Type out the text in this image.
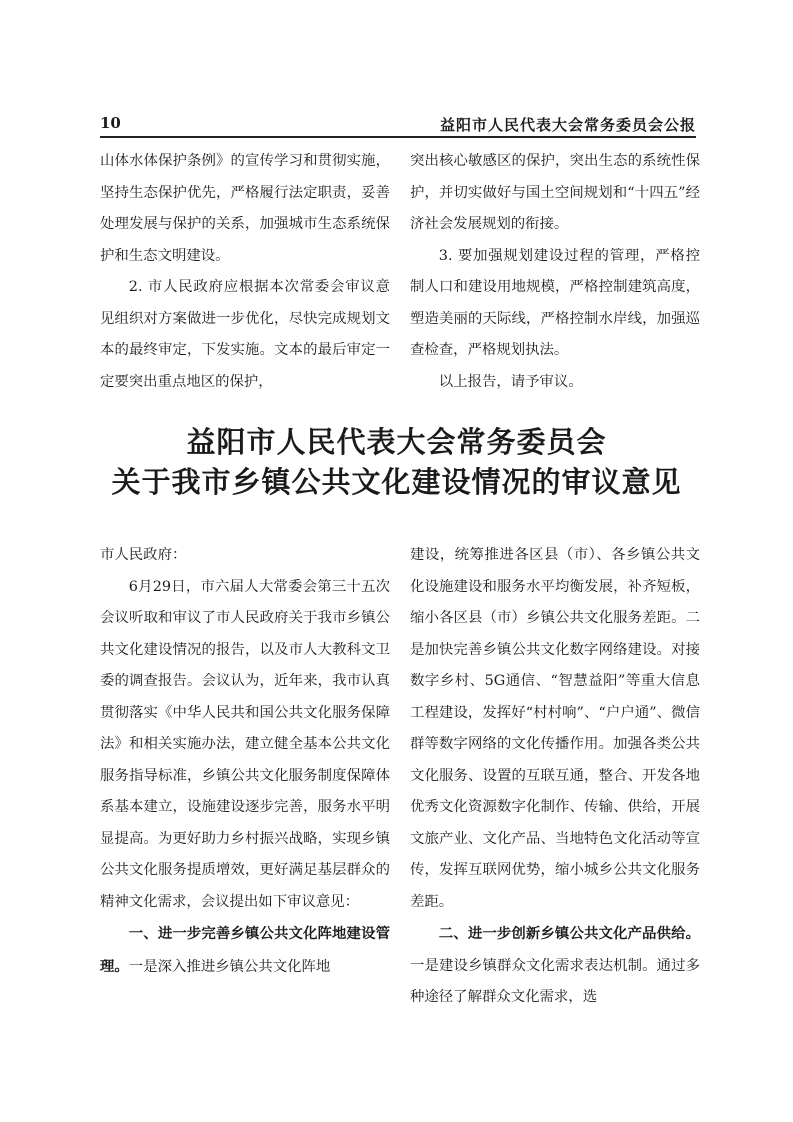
10	益阳市人民代表大会常务委员会公报

山体水体保护条例》的宣传学习和贯彻实施，坚持生态保护优先，严格履行法定职责，妥善处理发展与保护的关系，加强城市生态系统保护和生态文明建设。

2. 市人民政府应根据本次常委会审议意见组织对方案做进一步优化，尽快完成规划文本的最终审定，下发实施。文本的最后审定一定要突出重点地区的保护，

突出核心敏感区的保护，突出生态的系统性保护，并切实做好与国土空间规划和“十四五”经济社会发展规划的衔接。

3. 要加强规划建设过程的管理，严格控制人口和建设用地规模，严格控制建筑高度，塑造美丽的天际线，严格控制水岸线，加强巡查检查，严格规划执法。

以上报告，请予审议。

益阳市人民代表大会常务委员会
关于我市乡镇公共文化建设情况的审议意见

市人民政府：

6月29日，市六届人大常委会第三十五次会议听取和审议了市人民政府关于我市乡镇公共文化建设情况的报告，以及市人大教科文卫委的调查报告。会议认为，近年来，我市认真贯彻落实《中华人民共和国公共文化服务保障法》和相关实施办法，建立健全基本公共文化服务指导标准，乡镇公共文化服务制度保障体系基本建立，设施建设逐步完善，服务水平明显提高。为更好助力乡村振兴战略，实现乡镇公共文化服务提质增效，更好满足基层群众的精神文化需求，会议提出如下审议意见：

一、进一步完善乡镇公共文化阵地建设管理。一是深入推进乡镇公共文化阵地

建设，统筹推进各区县（市）、各乡镇公共文化设施建设和服务水平均衡发展，补齐短板，缩小各区县（市）乡镇公共文化服务差距。二是加快完善乡镇公共文化数字网络建设。对接数字乡村、5G通信、“智慧益阳”等重大信息工程建设，发挥好“村村响”、“户户通”、微信群等数字网络的文化传播作用。加强各类公共文化服务、设置的互联互通，整合、开发各地优秀文化资源数字化制作、传输、供给，开展文旅产业、文化产品、当地特色文化活动等宣传，发挥互联网优势，缩小城乡公共文化服务差距。

二、进一步创新乡镇公共文化产品供给。一是建设乡镇群众文化需求表达机制。通过多种途径了解群众文化需求，选
